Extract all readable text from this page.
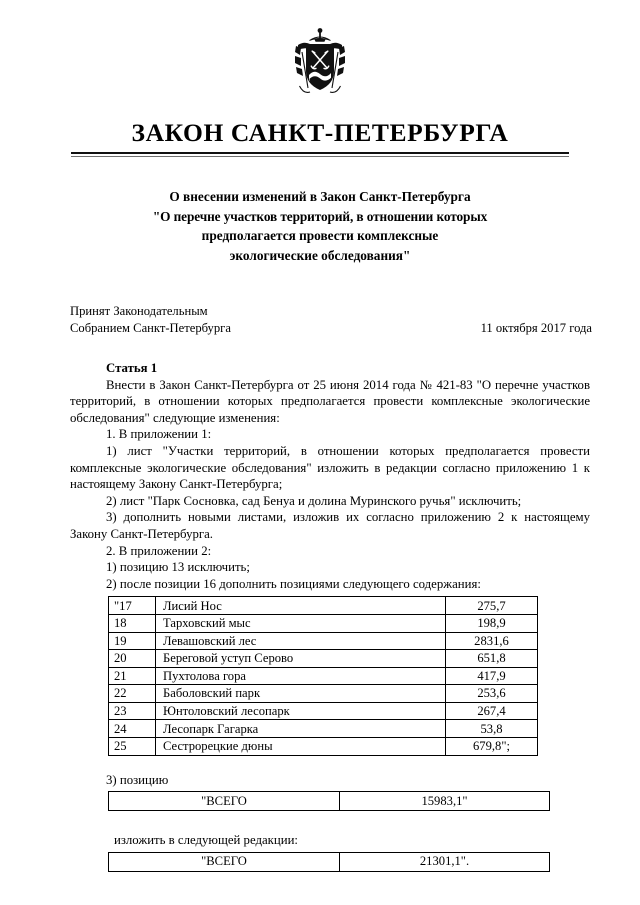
ЗАКОН САНКТ-ПЕТЕРБУРГА
О внесении изменений в Закон Санкт-Петербурга
"О перечне участков территорий, в отношении которых
предполагается провести комплексные
экологические обследования"
Принят Законодательным
Собранием Санкт-Петербурга	11 октября 2017 года

Статья 1

Внести в Закон Санкт-Петербурга от 25 июня 2014 года № 421-83 "О перечне участков территорий, в отношении которых предполагается провести комплексные экологические обследования" следующие изменения:

1. В приложении 1:

1) лист "Участки территорий, в отношении которых предполагается провести комплексные экологические обследования" изложить в редакции согласно приложению 1 к настоящему Закону Санкт-Петербурга;

2) лист "Парк Сосновка, сад Бенуа и долина Муринского ручья" исключить;

3) дополнить новыми листами, изложив их согласно приложению 2 к настоящему Закону Санкт-Петербурга.

2. В приложении 2:

1) позицию 13 исключить;

2) после позиции 16 дополнить позициями следующего содержания:

"17	Лисий Нос	275,7
18	Тарховский мыс	198,9
19	Левашовский лес	2831,6
20	Береговой уступ Серово	651,8
21	Пухтолова гора	417,9
22	Бабoловский парк	253,6
23	Юнтоловский лесопарк	267,4
24	Лесопарк Гагарка	53,8
25	Сестрорецкие дюны	679,8";
3) позицию
"ВСЕГО	15983,1"
изложить в следующей редакции:
"ВСЕГО	21301,1".
